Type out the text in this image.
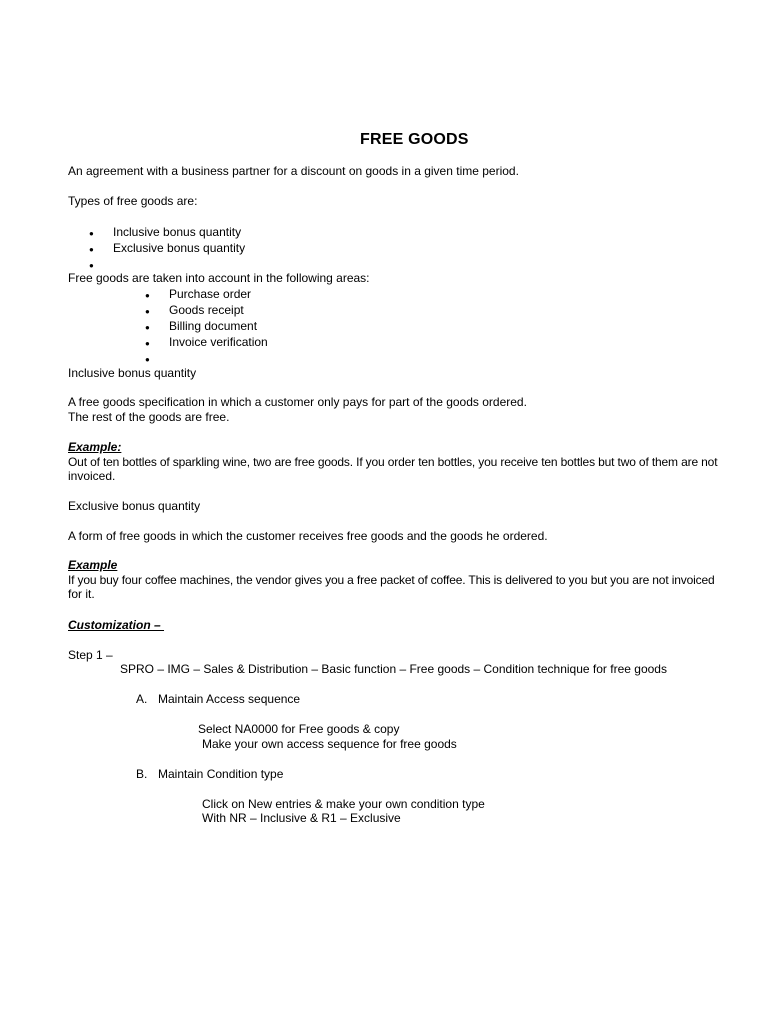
FREE GOODS
An agreement with a business partner for a discount on goods in a given time period.
Types of free goods are:
● Inclusive bonus quantity
● Exclusive bonus quantity
●
Free goods are taken into account in the following areas:
● Purchase order
● Goods receipt
● Billing document
● Invoice verification
●
Inclusive bonus quantity
A free goods specification in which a customer only pays for part of the goods ordered.
The rest of the goods are free.
Example:
Out of ten bottles of sparkling wine, two are free goods. If you order ten bottles, you receive ten bottles but two of them are not
invoiced.
Exclusive bonus quantity
A form of free goods in which the customer receives free goods and the goods he ordered.
Example
If you buy four coffee machines, the vendor gives you a free packet of coffee. This is delivered to you but you are not invoiced
for it.
Customization –
Step 1 –
SPRO – IMG – Sales & Distribution – Basic function – Free goods – Condition technique for free goods
A. Maintain Access sequence
Select NA0000 for Free goods & copy
Make your own access sequence for free goods
B. Maintain Condition type
Click on New entries & make your own condition type
With NR – Inclusive & R1 – Exclusive
